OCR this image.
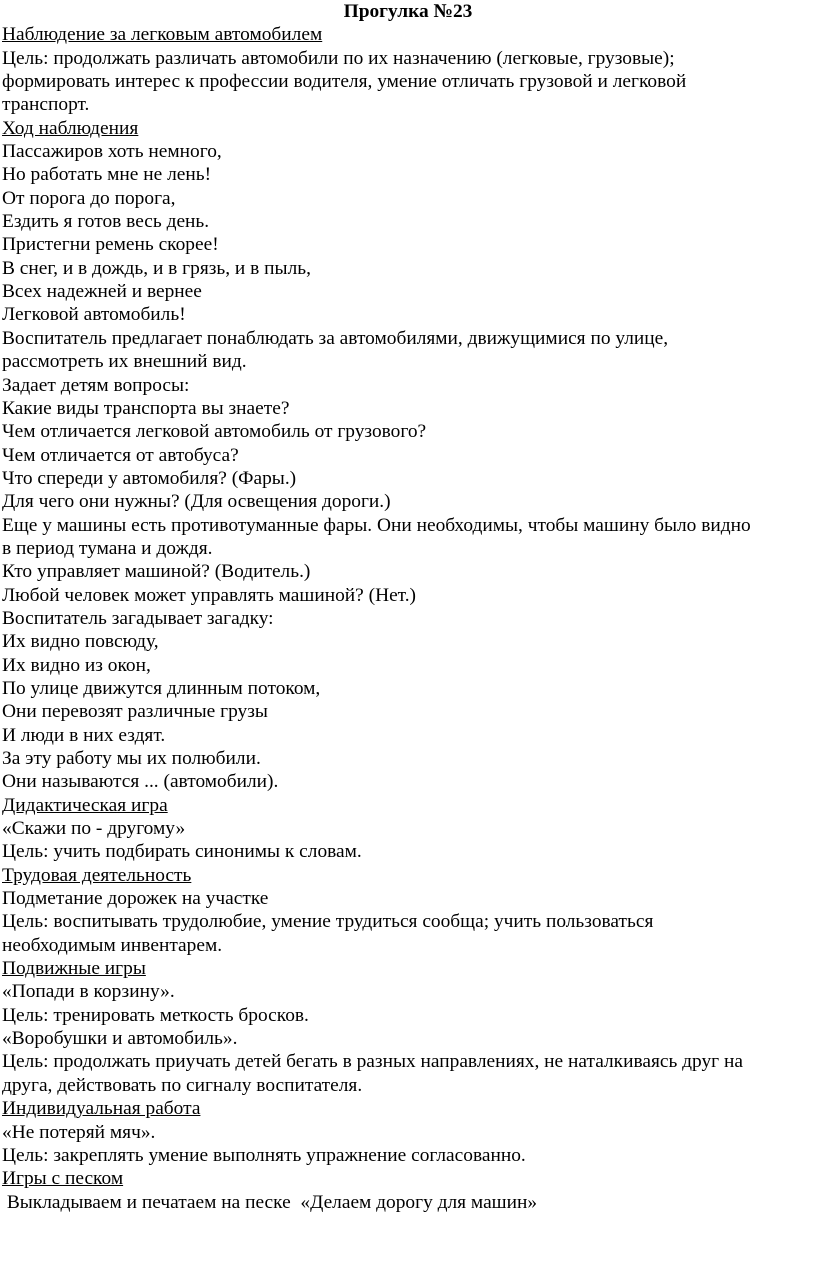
Прогулка №23
Наблюдение за легковым автомобилем
Цель: продолжать различать автомобили по их назначению (легковые, грузовые);
формировать интерес к профессии водителя, умение отличать грузовой и легковой
транспорт.
Ход наблюдения
Пассажиров хоть немного,
Но работать мне не лень!
От порога до порога,
Ездить я готов весь день.
Пристегни ремень скорее!
В снег, и в дождь, и в грязь, и в пыль,
Всех надежней и вернее
Легковой автомобиль!
Воспитатель предлагает понаблюдать за автомобилями, движущимися по улице,
рассмотреть их внешний вид.
Задает детям вопросы:
Какие виды транспорта вы знаете?
Чем отличается легковой автомобиль от грузового?
Чем отличается от автобуса?
Что спереди у автомобиля? (Фары.)
Для чего они нужны? (Для освещения дороги.)
Еще у машины есть противотуманные фары. Они необходимы, чтобы машину было видно
в период тумана и дождя.
Кто управляет машиной? (Водитель.)
Любой человек может управлять машиной? (Нет.)
Воспитатель загадывает загадку:
Их видно повсюду,
Их видно из окон,
По улице движутся длинным потоком,
Они перевозят различные грузы
И люди в них ездят.
За эту работу мы их полюбили.
Они называются ... (автомобили).
Дидактическая игра
«Скажи по - другому»
Цель: учить подбирать синонимы к словам.
Трудовая деятельность
Подметание дорожек на участке
Цель: воспитывать трудолюбие, умение трудиться сообща; учить пользоваться
необходимым инвентарем.
Подвижные игры
«Попади в корзину».
Цель: тренировать меткость бросков.
«Воробушки и автомобиль».
Цель: продолжать приучать детей бегать в разных направлениях, не наталкиваясь друг на
друга, действовать по сигналу воспитателя.
Индивидуальная работа
«Не потеряй мяч».
Цель: закреплять умение выполнять упражнение согласованно.
Игры с песком
Выкладываем и печатаем на песке  «Делаем дорогу для машин»
